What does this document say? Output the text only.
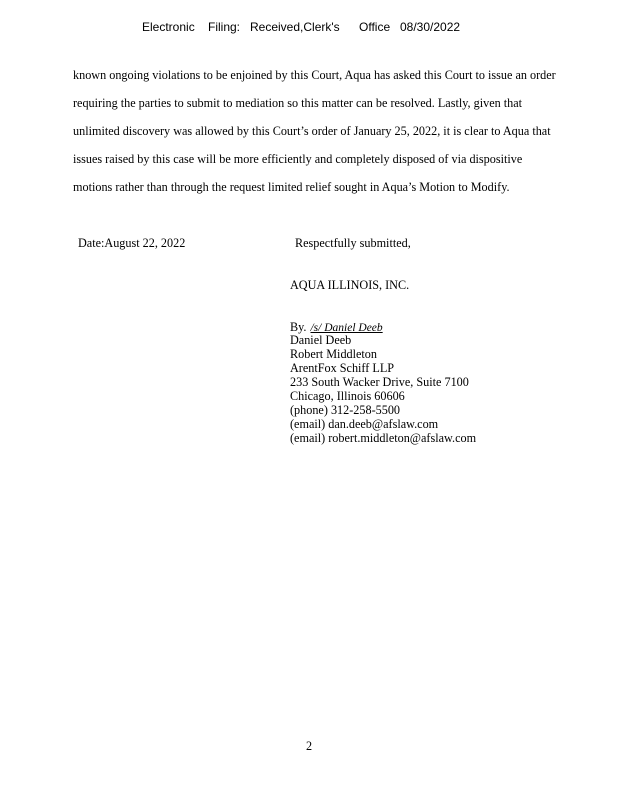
Electronic Filing: Received,Clerk's Office 08/30/2022
known ongoing violations to be enjoined by this Court, Aqua has asked this Court to issue an order
requiring the parties to submit to mediation so this matter can be resolved. Lastly, given that
unlimited discovery was allowed by this Court’s order of January 25, 2022, it is clear to Aqua that
issues raised by this case will be more efficiently and completely disposed of via dispositive
motions rather than through the request limited relief sought in Aqua’s Motion to Modify.
Date:August 22, 2022	Respectfully submitted,
AQUA ILLINOIS, INC.
By. /s/ Daniel Deeb
Daniel Deeb
Robert Middleton
ArentFox Schiff LLP
233 South Wacker Drive, Suite 7100
Chicago, Illinois 60606
(phone) 312-258-5500
(email) dan.deeb@afslaw.com
(email) robert.middleton@afslaw.com
2
